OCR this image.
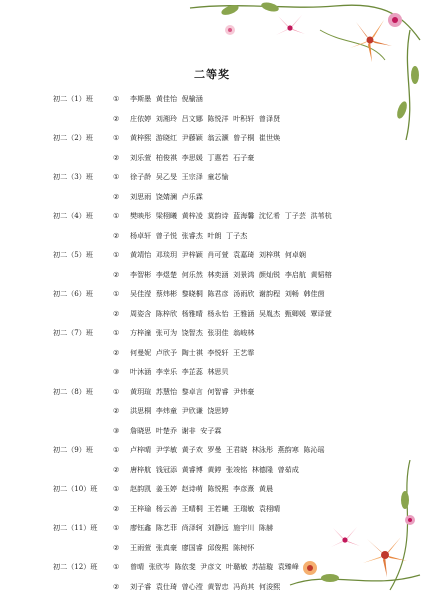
二等奖
初二（1）班	① 李斯墨 黄佳怡 倪榆涵
② 庄依婷 刘湘玲 吕文娜 陈悦洋 叶积轩 曾泽贤
初二（2）班	① 黄梓熙 游晓红 尹藤颖 翁云灏 曾子桐 崔世焕
② 刘乐萱 柏俊祺 李思媛 丁惠若 石子豪
初二（3）班	① 徐子龄 吴乙旻 王宗泽 童芯愉
② 刘思雨 饶婧澜 卢乐霖
初二（4）班	① 樊映彤 梁栩曦 黄梓凌 莫韵诗 蓝海馨 沈忆希 丁子芸 洪苇杭
② 杨卓轩 曾子悦 张睿杰 叶朗 丁子杰
初二（5）班	① 黄靖怡 邓琰玥 尹梓颖 肖可萱 袁嘉琦 刘梓琪 何卓娴
② 李智彬 李煜楚 何乐然 林奕涵 刘景鸿 颜灿锐 李启航 黄韬榕
初二（6）班	① 吴佳滢 蔡炜彬 黎晓桐 陈君彦 汤雨欣 谢韵程 刘畅 韩佳茵
② 周姿含 陈梓欣 杨雅晴 杨永怡 王雅涵 吴胤杰 甄卿媛 覃译萱
初二（7）班	① 方梓潼 张可为 饶智杰 张羽佳 翁峻林
② 何曼妮 卢欣予 陶士祺 李悦轩 王艺霏
③ 叶沐涵 李幸乐 李芷蕊 林思贝
初二（8）班	① 黄玥瑄 苏慧怡 黎卓言 何智睿 尹炜豪
② 洪思桐 李炜童 尹欣谦 饶思婷
③ 詹晓思 叶楚乔 谢非 安子霖
初二（9）班	① 卢梓晴 尹学敏 黄子欢 罗曼 王君晓 林泳彤 燕韵寒 陈沁瑶
② 唐梓航 钱冠添 黄睿博 黄錞 张竣铭 林德隆 曾茹成
初二（10）班 ① 赵韵凯 姜玉婷 赵诗萌 陈悦熙 李彦熹 黄晨
② 王梓瑜 杨云善 王晴桐 王若曦 王瑞敏 袁栩晴
初二（11）班 ① 廖钰鑫 陈艺菲 尚泽轲 刘静远 施宇川 陈赫
② 王雨萱 张真豪 廖国睿 邱俊熙 陈树怀
初二（12）班 ① 曾晴 张欣岑 陈依斐 尹彦文 叶璐敏 苏喆璇 袁臻峰
② 刘子睿 袁仕琦 曾心滢 黄智忠 冯尚其 何浚熙
